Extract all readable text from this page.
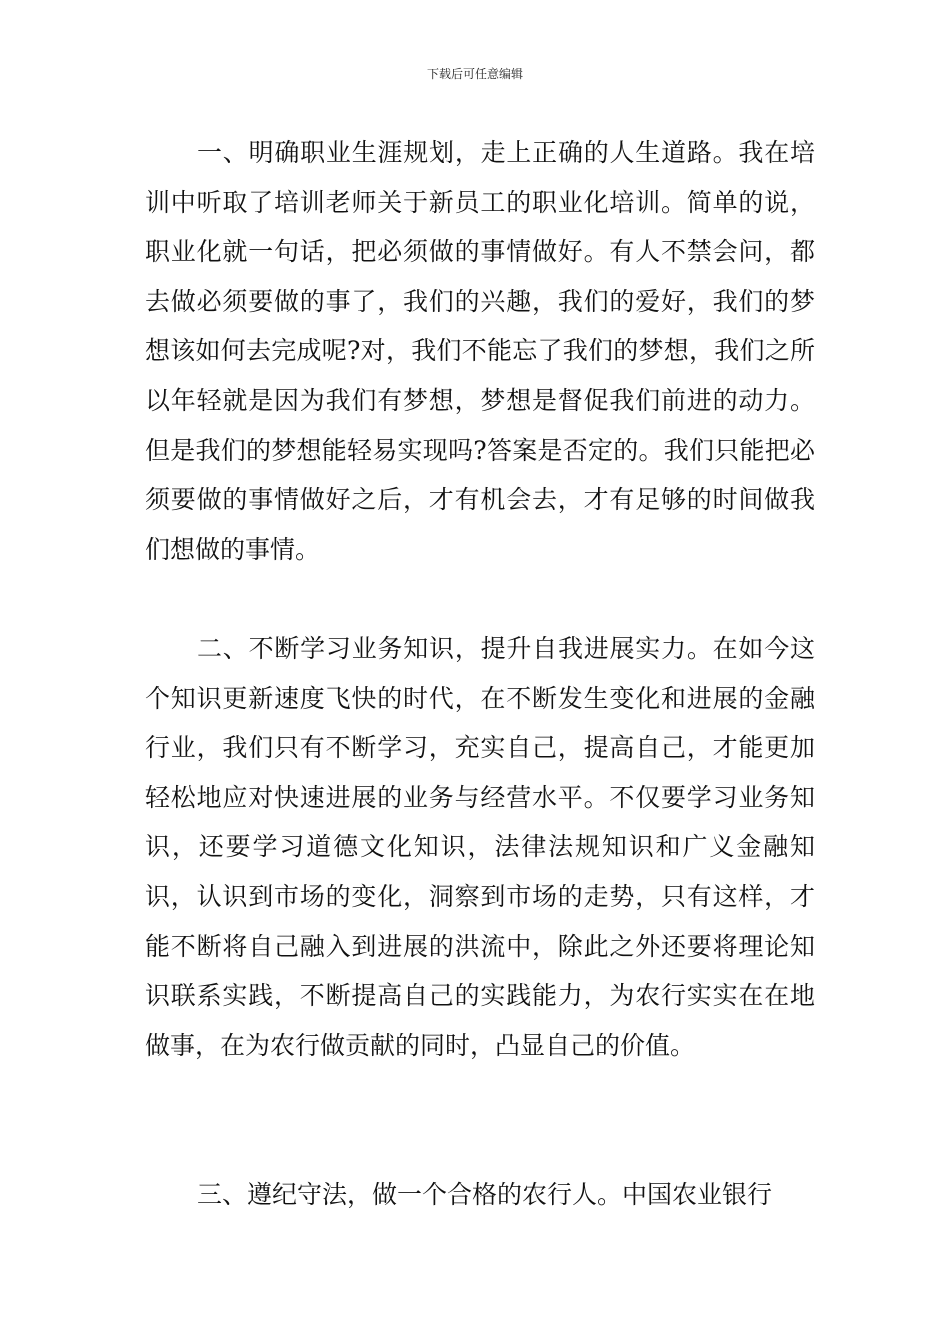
下载后可任意编辑

一、明确职业生涯规划，走上正确的人生道路。我在培训中听取了培训老师关于新员工的职业化培训。简单的说，职业化就一句话，把必须做的事情做好。有人不禁会问，都去做必须要做的事了，我们的兴趣，我们的爱好，我们的梦想该如何去完成呢?对，我们不能忘了我们的梦想，我们之所以年轻就是因为我们有梦想，梦想是督促我们前进的动力。但是我们的梦想能轻易实现吗?答案是否定的。我们只能把必须要做的事情做好之后，才有机会去，才有足够的时间做我们想做的事情。

二、不断学习业务知识，提升自我进展实力。在如今这个知识更新速度飞快的时代，在不断发生变化和进展的金融行业，我们只有不断学习，充实自己，提高自己，才能更加轻松地应对快速进展的业务与经营水平。不仅要学习业务知识，还要学习道德文化知识，法律法规知识和广义金融知识，认识到市场的变化，洞察到市场的走势，只有这样，才能不断将自己融入到进展的洪流中，除此之外还要将理论知识联系实践，不断提高自己的实践能力，为农行实实在在地做事，在为农行做贡献的同时，凸显自己的价值。

三、遵纪守法，做一个合格的农行人。中国农业银行
